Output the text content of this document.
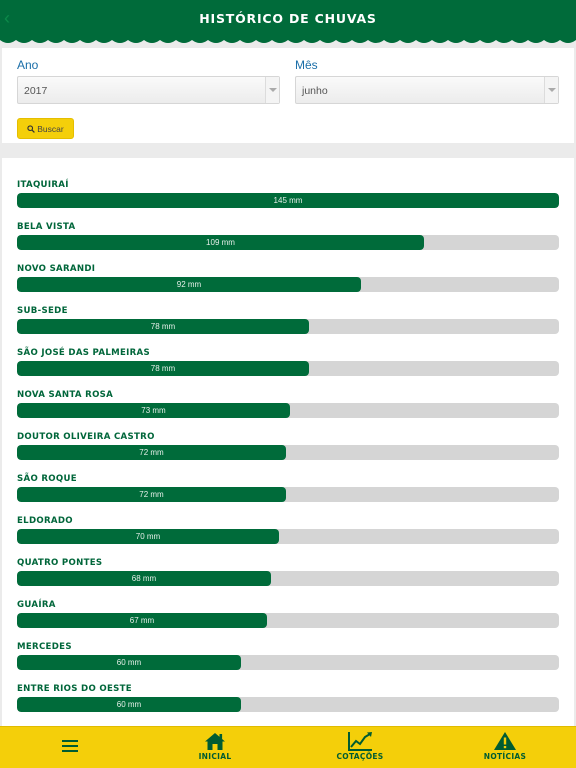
‹	HISTÓRICO DE CHUVAS
Ano
2017
Mês
junho
Buscar
ITAQUIRAÍ
145 mm
BELA VISTA
109 mm
NOVO SARANDI
92 mm
SUB-SEDE
78 mm
SÃO JOSÉ DAS PALMEIRAS
78 mm
NOVA SANTA ROSA
73 mm
DOUTOR OLIVEIRA CASTRO
72 mm
SÃO ROQUE
72 mm
ELDORADO
70 mm
QUATRO PONTES
68 mm
GUAÍRA
67 mm
MERCEDES
60 mm
ENTRE RIOS DO OESTE
60 mm
INICIAL	COTAÇÕES	NOTÍCIAS
